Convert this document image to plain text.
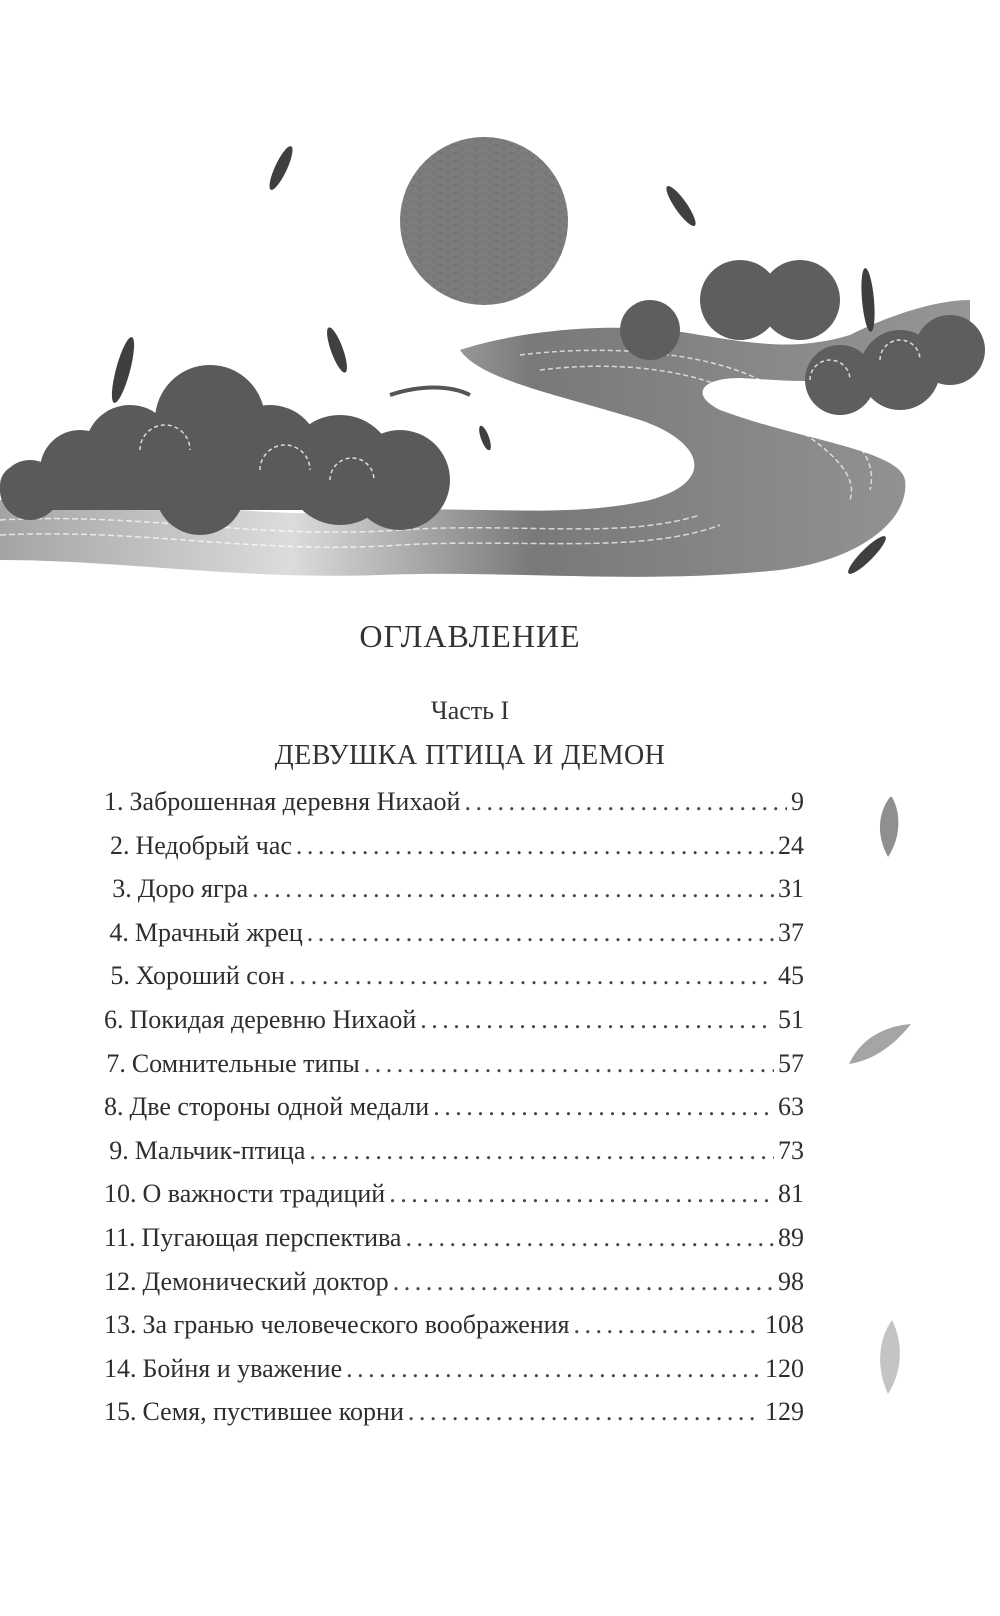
ОГЛАВЛЕНИЕ
Часть I
ДЕВУШКА ПТИЦА И ДЕМОН
1. Заброшенная деревня Нихаой . . .	9
2. Недобрый час . . .	24
3. Доро ягра . . .	31
4. Мрачный жрец . . .	37
5. Хороший сон . . .	45
6. Покидая деревню Нихаой . . .	51
7. Сомнительные типы . . .	57
8. Две стороны одной медали . . .	63
9. Мальчик-птица . . .	73
10. О важности традиций . . .	81
11. Пугающая перспектива . . .	89
12. Демонический доктор . . .	98
13. За гранью человеческого воображения . . .	108
14. Бойня и уважение . . .	120
15. Семя, пустившее корни . . .	129
